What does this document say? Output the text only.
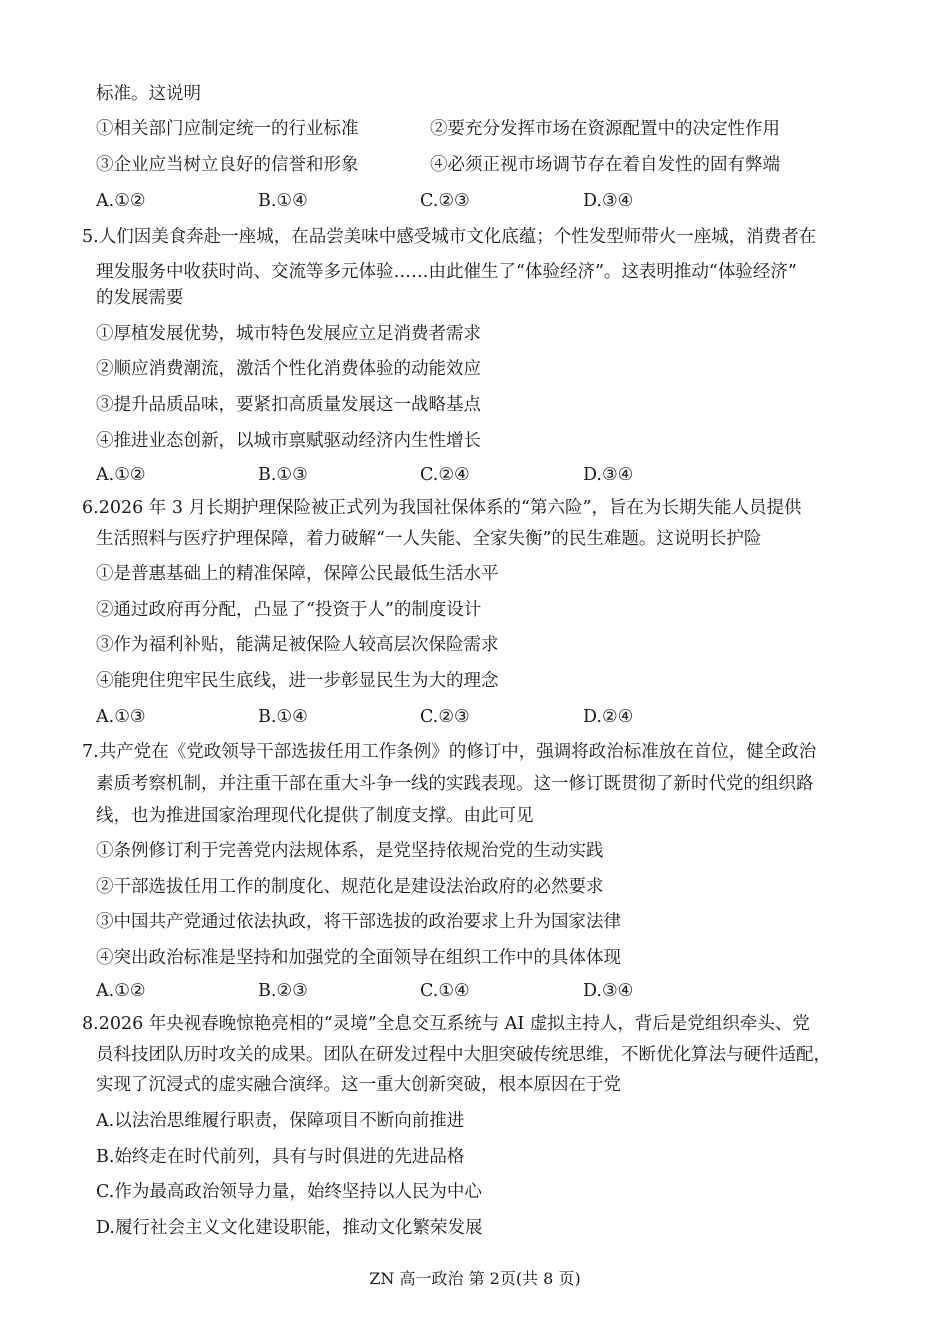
标准。这说明
①相关部门应制定统一的行业标准	②要充分发挥市场在资源配置中的决定性作用
③企业应当树立良好的信誉和形象	④必须正视市场调节存在着自发性的固有弊端
A.①②	B.①④	C.②③	D.③④
5.人们因美食奔赴一座城，在品尝美味中感受城市文化底蕴；个性发型师带火一座城，消费者在
理发服务中收获时尚、交流等多元体验……由此催生了“体验经济”。这表明推动“体验经济”
的发展需要
①厚植发展优势，城市特色发展应立足消费者需求
②顺应消费潮流，激活个性化消费体验的动能效应
③提升品质品味，要紧扣高质量发展这一战略基点
④推进业态创新，以城市禀赋驱动经济内生性增长
A.①②	B.①③	C.②④	D.③④
6.2026 年 3 月长期护理保险被正式列为我国社保体系的“第六险”，旨在为长期失能人员提供
生活照料与医疗护理保障，着力破解“一人失能、全家失衡”的民生难题。这说明长护险
①是普惠基础上的精准保障，保障公民最低生活水平
②通过政府再分配，凸显了“投资于人”的制度设计
③作为福利补贴，能满足被保险人较高层次保险需求
④能兜住兜牢民生底线，进一步彰显民生为大的理念
A.①③	B.①④	C.②③	D.②④
7.共产党在《党政领导干部选拔任用工作条例》的修订中，强调将政治标准放在首位，健全政治
素质考察机制，并注重干部在重大斗争一线的实践表现。这一修订既贯彻了新时代党的组织路
线，也为推进国家治理现代化提供了制度支撑。由此可见
①条例修订利于完善党内法规体系，是党坚持依规治党的生动实践
②干部选拔任用工作的制度化、规范化是建设法治政府的必然要求
③中国共产党通过依法执政，将干部选拔的政治要求上升为国家法律
④突出政治标准是坚持和加强党的全面领导在组织工作中的具体体现
A.①②	B.②③	C.①④	D.③④
8.2026 年央视春晚惊艳亮相的“灵境”全息交互系统与 AI 虚拟主持人，背后是党组织牵头、党
员科技团队历时攻关的成果。团队在研发过程中大胆突破传统思维，不断优化算法与硬件适配，
实现了沉浸式的虚实融合演绎。这一重大创新突破，根本原因在于党
A.以法治思维履行职责，保障项目不断向前推进
B.始终走在时代前列，具有与时俱进的先进品格
C.作为最高政治领导力量，始终坚持以人民为中心
D.履行社会主义文化建设职能，推动文化繁荣发展
ZN 高一政治 第 2页(共 8 页)
